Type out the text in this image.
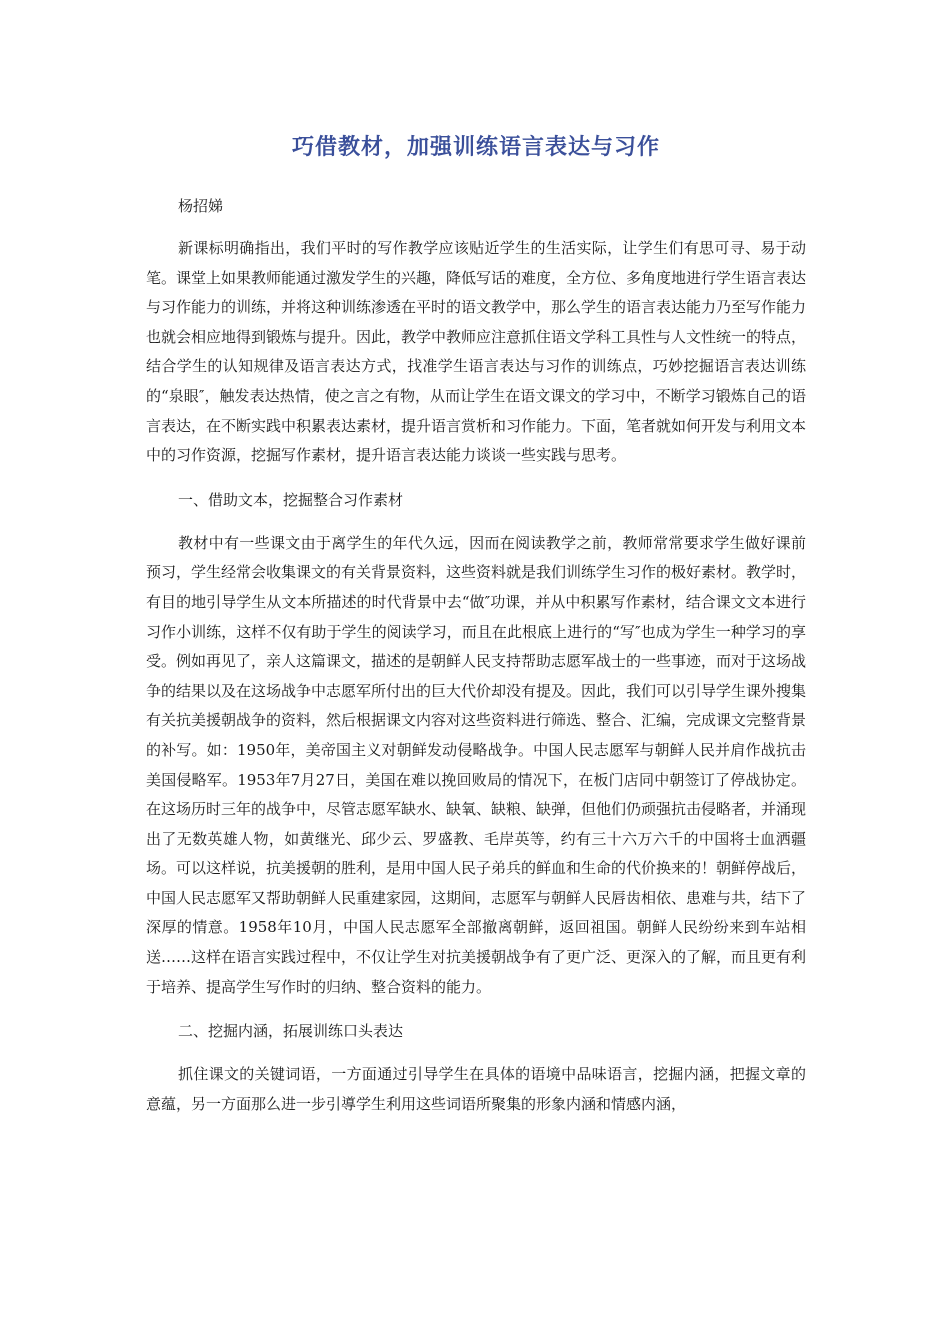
巧借教材，加强训练语言表达与习作

杨招娣

新课标明确指出，我们平时的写作教学应该贴近学生的生活实际，让学生们有思可寻、易于动笔。课堂上如果教师能通过激发学生的兴趣，降低写话的难度，全方位、多角度地进行学生语言表达与习作能力的训练，并将这种训练渗透在平时的语文教学中，那么学生的语言表达能力乃至写作能力也就会相应地得到锻炼与提升。因此，教学中教师应注意抓住语文学科工具性与人文性统一的特点，结合学生的认知规律及语言表达方式，找准学生语言表达与习作的训练点，巧妙挖掘语言表达训练的“泉眼″，触发表达热情，使之言之有物，从而让学生在语文课文的学习中，不断学习锻炼自己的语言表达，在不断实践中积累表达素材，提升语言赏析和习作能力。下面，笔者就如何开发与利用文本中的习作资源，挖掘写作素材，提升语言表达能力谈谈一些实践与思考。

一、借助文本，挖掘整合习作素材

教材中有一些课文由于离学生的年代久远，因而在阅读教学之前，教师常常要求学生做好课前预习，学生经常会收集课文的有关背景资料，这些资料就是我们训练学生习作的极好素材。教学时，有目的地引导学生从文本所描述的时代背景中去“做″功课，并从中积累写作素材，结合课文文本进行习作小训练，这样不仅有助于学生的阅读学习，而且在此根底上进行的“写″也成为学生一种学习的享受。例如再见了，亲人这篇课文，描述的是朝鲜人民支持帮助志愿军战士的一些事迹，而对于这场战争的结果以及在这场战争中志愿军所付出的巨大代价却没有提及。因此，我们可以引导学生课外搜集有关抗美援朝战争的资料，然后根据课文内容对这些资料进行筛选、整合、汇编，完成课文完整背景的补写。如：1950年，美帝国主义对朝鲜发动侵略战争。中国人民志愿军与朝鲜人民并肩作战抗击美国侵略军。1953年7月27日，美国在难以挽回败局的情况下，在板门店同中朝签订了停战协定。在这场历时三年的战争中，尽管志愿军缺水、缺氧、缺粮、缺弹，但他们仍顽强抗击侵略者，并涌现出了无数英雄人物，如黄继光、邱少云、罗盛教、毛岸英等，约有三十六万六千的中国将士血洒疆场。可以这样说，抗美援朝的胜利，是用中国人民子弟兵的鲜血和生命的代价换来的！朝鲜停战后，中国人民志愿军又帮助朝鲜人民重建家园，这期间，志愿军与朝鲜人民唇齿相依、患难与共，结下了深厚的情意。1958年10月，中国人民志愿军全部撤离朝鲜，返回祖国。朝鲜人民纷纷来到车站相送……这样在语言实践过程中，不仅让学生对抗美援朝战争有了更广泛、更深入的了解，而且更有利于培养、提高学生写作时的归纳、整合资料的能力。

二、挖掘内涵，拓展训练口头表达

抓住课文的关键词语，一方面通过引导学生在具体的语境中品味语言，挖掘内涵，把握文章的意蕴，另一方面那么进一步引導学生利用这些词语所聚集的形象内涵和情感内涵，
